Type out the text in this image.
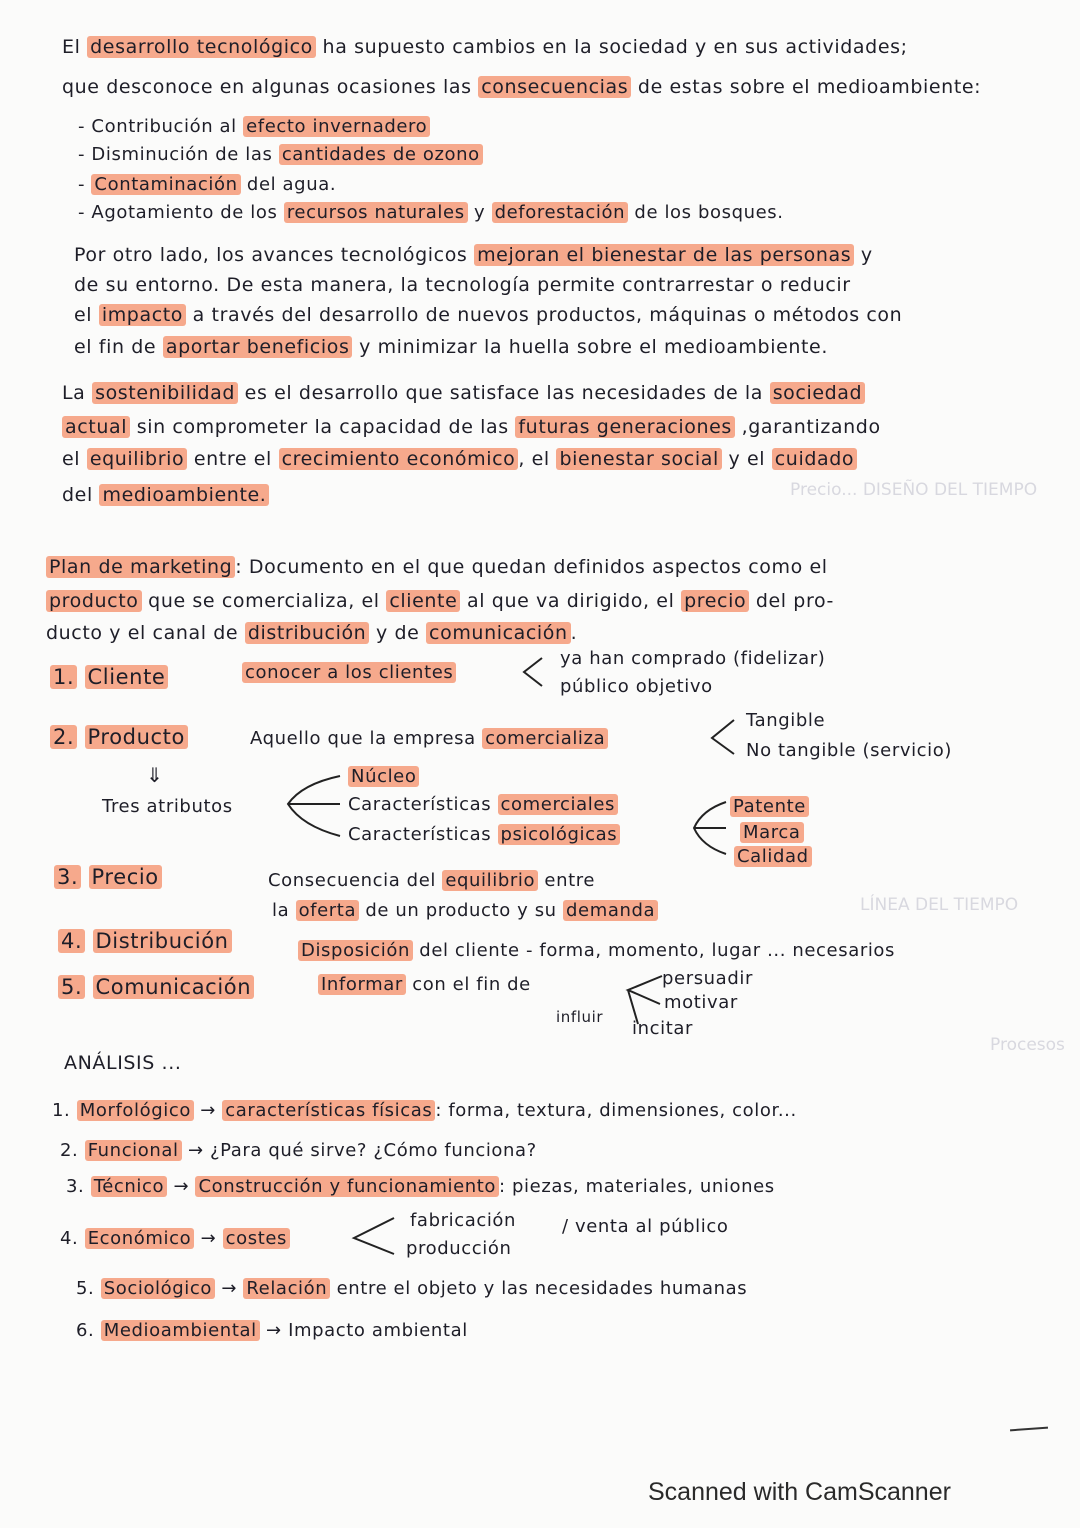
Precio... DISEÑO DEL TIEMPO
LÍNEA DEL TIEMPO
Procesos
El desarrollo tecnológico ha supuesto cambios en la sociedad y en sus actividades;
que desconoce en algunas ocasiones las consecuencias de estas sobre el medioambiente:
- Contribución al efecto invernadero
- Disminución de las cantidades de ozono
- Contaminación del agua.
- Agotamiento de los recursos naturales y deforestación de los bosques.
Por otro lado, los avances tecnológicos mejoran el bienestar de las personas y
de su entorno. De esta manera, la tecnología permite contrarrestar o reducir
el impacto a través del desarrollo de nuevos productos, máquinas o métodos con
el fin de aportar beneficios y minimizar la huella sobre el medioambiente.
La sostenibilidad es el desarrollo que satisface las necesidades de la sociedad
actual sin comprometer la capacidad de las futuras generaciones ,garantizando
el equilibrio entre el crecimiento económico , el bienestar social y el cuidado
del medioambiente.
Plan de marketing : Documento en el que quedan definidos aspectos como el
producto que se comercializa, el cliente al que va dirigido, el precio del pro-
ducto y el canal de distribución y de comunicación .
1. Cliente	conocer a los clientes
ya han comprado (fidelizar)
público objetivo
2. Producto	Aquello que la empresa comercializa
Tangible
No tangible (servicio)
⇓
Tres atributos
Núcleo
Características comerciales
Características psicológicas
Patente
Marca
Calidad
3. Precio	Consecuencia del equilibrio entre
la oferta de un producto y su demanda
4. Distribución	Disposición del cliente - forma, momento, lugar ... necesarios
5. Comunicación	Informar con el fin de
influir
persuadir
motivar
incitar
ANÁLISIS ...
1. Morfológico → características físicas : forma, textura, dimensiones, color...
2. Funcional → ¿Para qué sirve? ¿Cómo funciona?
3. Técnico → Construcción y funcionamiento : piezas, materiales, uniones
4. Económico → costes
fabricación
producción
/ venta al público
5. Sociológico → Relación entre el objeto y las necesidades humanas
6. Medioambiental → Impacto ambiental
Scanned with CamScanner
